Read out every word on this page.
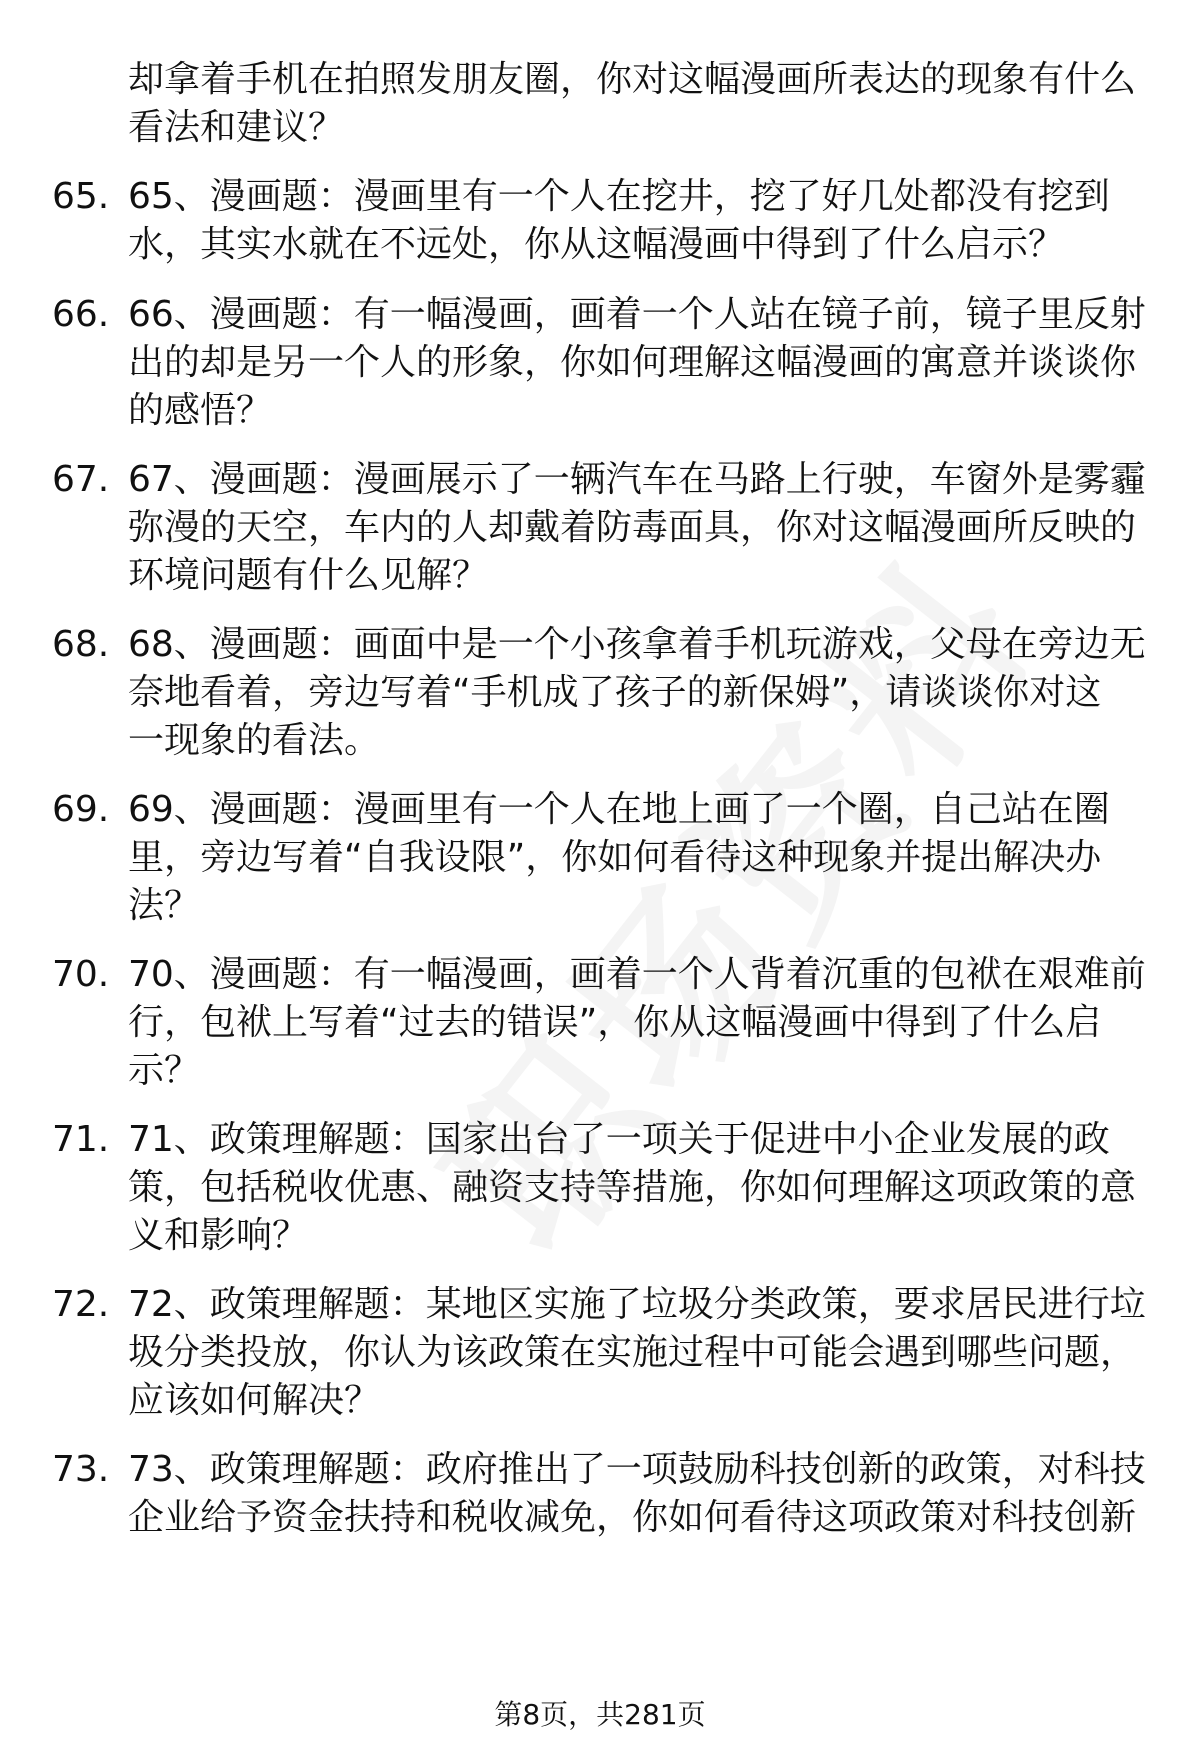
却拿着手机在拍照发朋友圈，你对这幅漫画所表达的现象有什么
看法和建议？
65. 65、漫画题：漫画里有一个人在挖井，挖了好几处都没有挖到
水，其实水就在不远处，你从这幅漫画中得到了什么启示？
66. 66、漫画题：有一幅漫画，画着一个人站在镜子前，镜子里反射
出的却是另一个人的形象，你如何理解这幅漫画的寓意并谈谈你
的感悟？
67. 67、漫画题：漫画展示了一辆汽车在马路上行驶，车窗外是雾霾
弥漫的天空，车内的人却戴着防毒面具，你对这幅漫画所反映的
环境问题有什么见解？
68. 68、漫画题：画面中是一个小孩拿着手机玩游戏，父母在旁边无
奈地看着，旁边写着“手机成了孩子的新保姆”，请谈谈你对这
一现象的看法。
69. 69、漫画题：漫画里有一个人在地上画了一个圈，自己站在圈
里，旁边写着“自我设限”，你如何看待这种现象并提出解决办
法？
70. 70、漫画题：有一幅漫画，画着一个人背着沉重的包袱在艰难前
行，包袱上写着“过去的错误”，你从这幅漫画中得到了什么启
示？
71. 71、政策理解题：国家出台了一项关于促进中小企业发展的政
策，包括税收优惠、融资支持等措施，你如何理解这项政策的意
义和影响？
72. 72、政策理解题：某地区实施了垃圾分类政策，要求居民进行垃
圾分类投放，你认为该政策在实施过程中可能会遇到哪些问题，
应该如何解决？
73. 73、政策理解题：政府推出了一项鼓励科技创新的政策，对科技
企业给予资金扶持和税收减免，你如何看待这项政策对科技创新
第8页，共281页
